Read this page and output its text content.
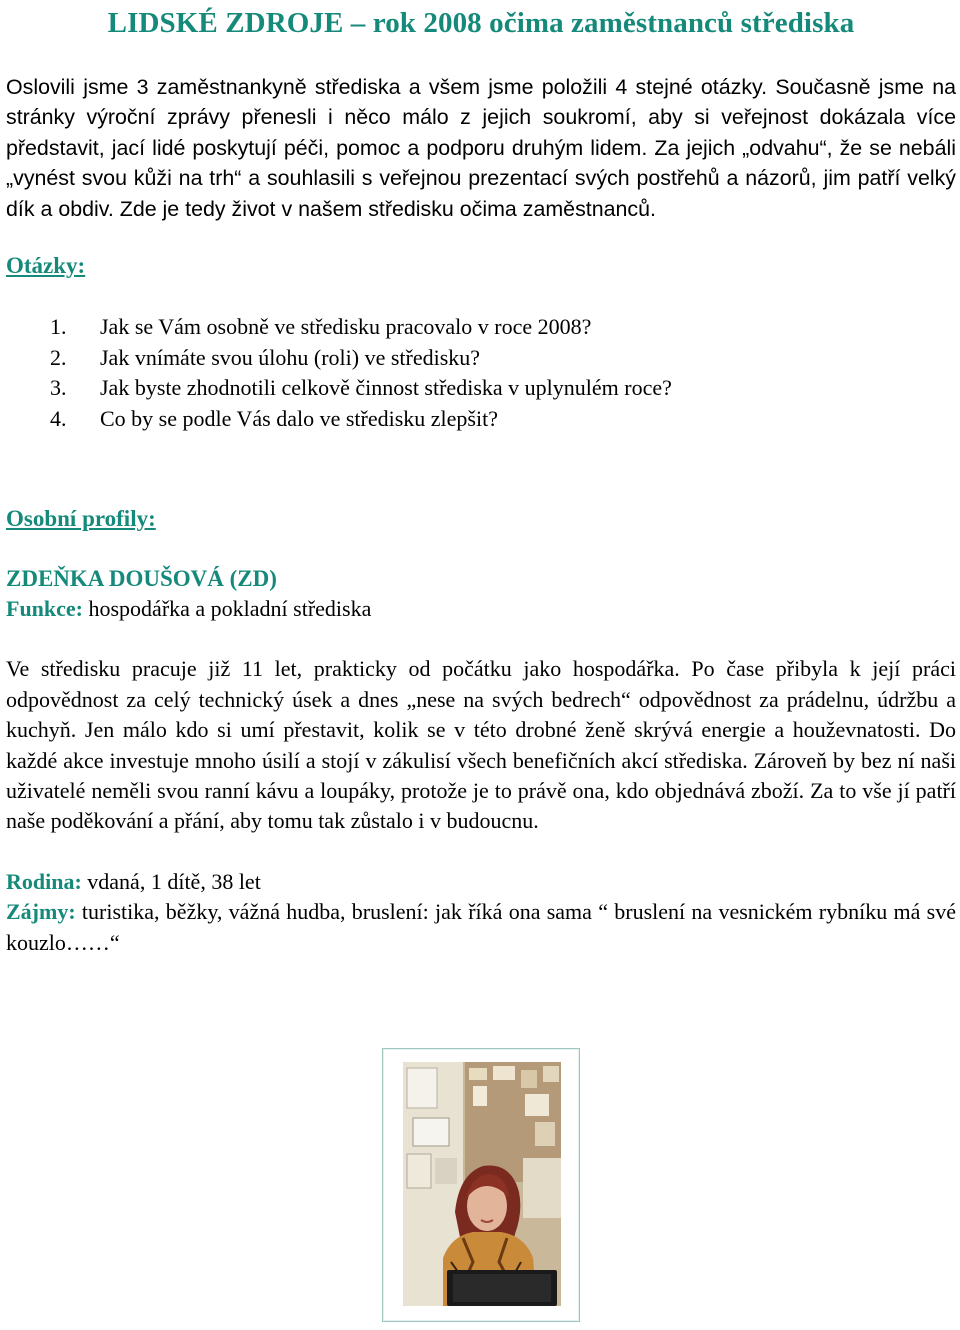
LIDSKÉ ZDROJE – rok 2008 očima zaměstnanců střediska

Oslovili jsme 3 zaměstnankyně střediska a všem jsme položili 4 stejné otázky. Současně jsme na stránky výroční zprávy přenesli i něco málo z jejich soukromí, aby si veřejnost dokázala více představit, jací lidé poskytují péči, pomoc a podporu druhým lidem. Za jejich „odvahu“, že se nebáli „vynést svou kůži na trh“ a souhlasili s veřejnou prezentací svých postřehů a názorů, jim patří velký dík a obdiv. Zde je tedy život v našem středisku očima zaměstnanců.

Otázky:
1.	Jak se Vám osobně ve středisku pracovalo v roce 2008?
2.	Jak vnímáte svou úlohu (roli) ve středisku?
3.	Jak byste zhodnotili celkově činnost střediska v uplynulém roce?
4.	Co by se podle Vás dalo ve středisku zlepšit?
Osobní profily:
ZDEŇKA DOUŠOVÁ (ZD)
Funkce: hospodářka a pokladní střediska

Ve středisku pracuje již 11 let, prakticky od počátku jako hospodářka. Po čase přibyla k její práci odpovědnost za celý technický úsek a dnes „nese na svých bedrech“ odpovědnost za prádelnu, údržbu a kuchyň. Jen málo kdo si umí přestavit, kolik se v této drobné ženě skrývá energie a houževnatosti. Do každé akce investuje mnoho úsilí a stojí v zákulisí všech benefičních akcí střediska. Zároveň by bez ní naši uživatelé neměli svou ranní kávu a loupáky, protože je to právě ona, kdo objednává zboží. Za to vše jí patří naše poděkování a přání, aby tomu tak zůstalo i v budoucnu.

Rodina: vdaná, 1 dítě, 38 let
Zájmy: turistika, běžky, vážná hudba, bruslení: jak říká ona sama “ bruslení na vesnickém rybníku má své kouzlo……“
